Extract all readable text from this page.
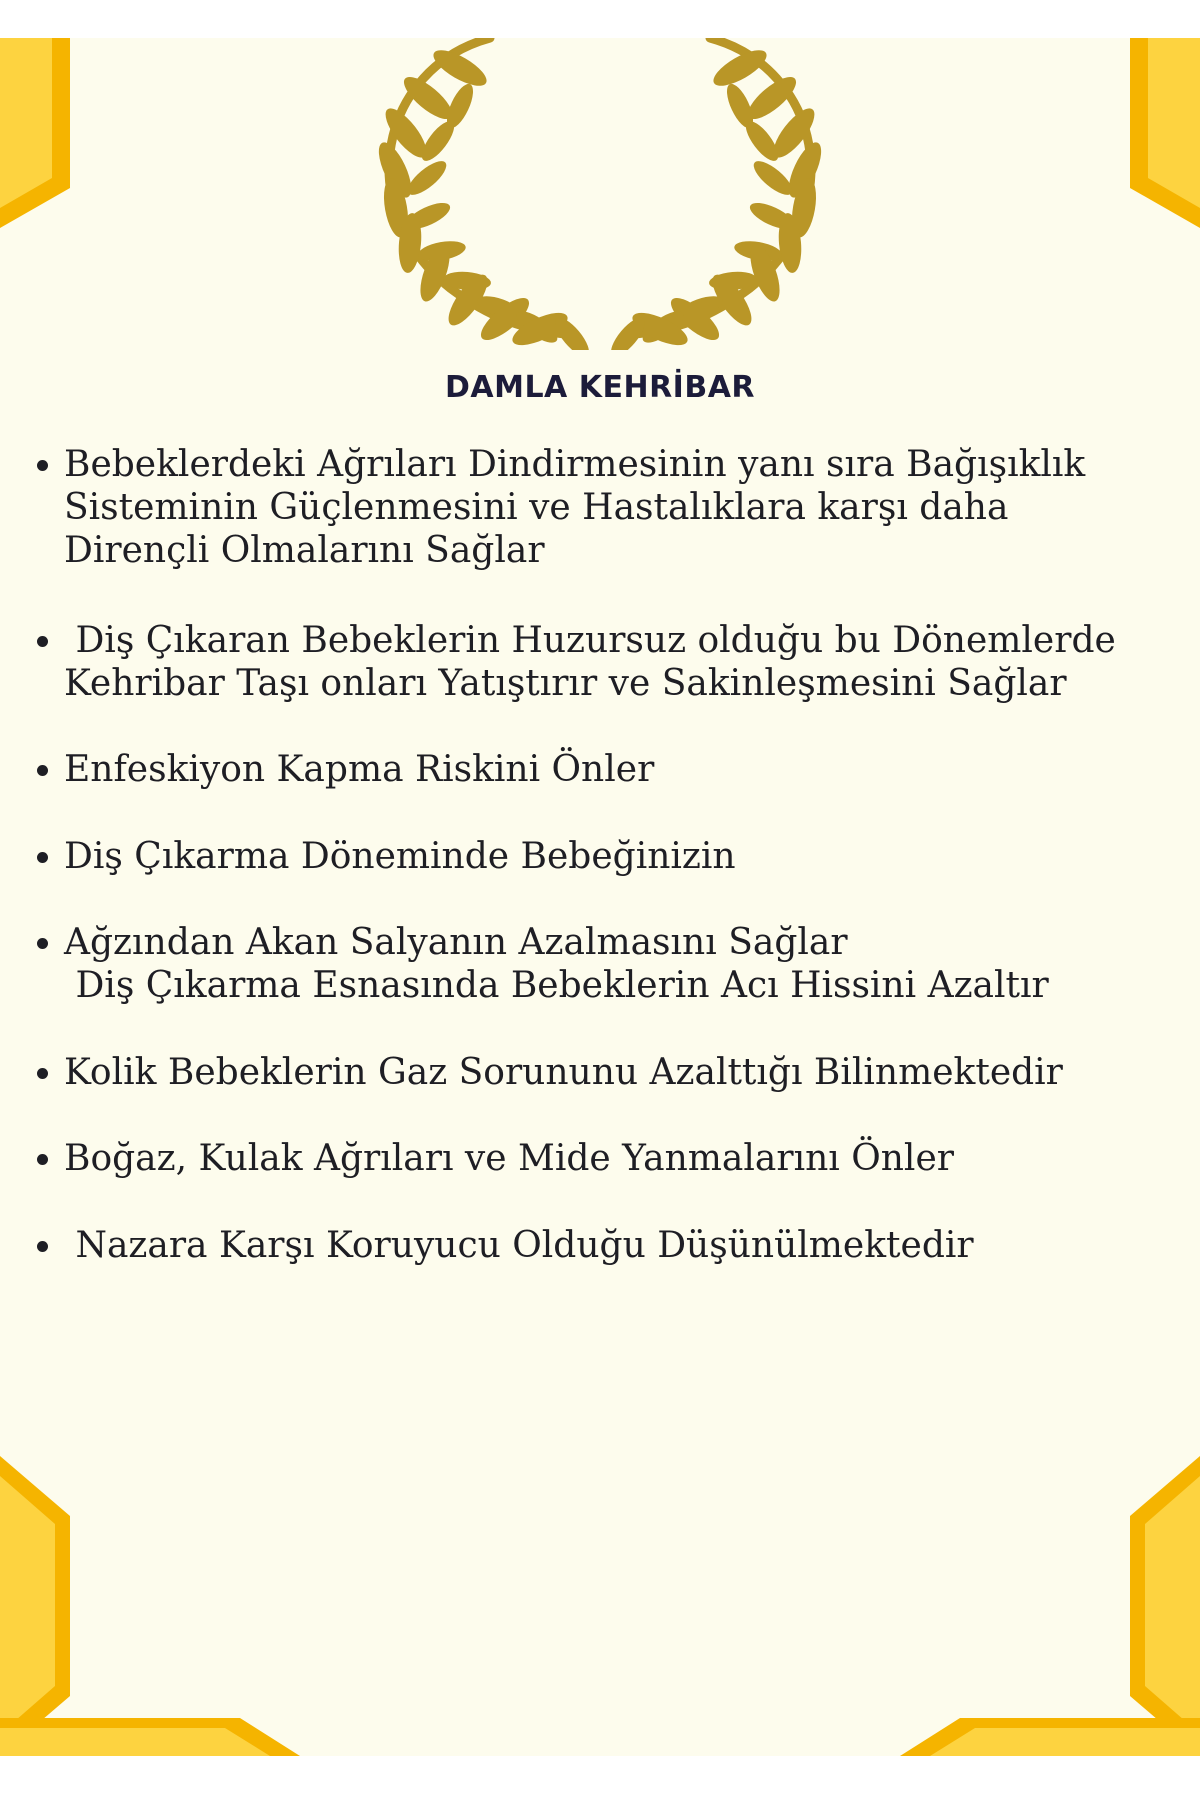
DAMLA KEHRİBAR
Bebeklerdeki Ağrıları Dindirmesinin yanı sıra Bağışıklık
Sisteminin Güçlenmesini ve Hastalıklara karşı daha
Dirençli Olmalarını Sağlar
Diş Çıkaran Bebeklerin Huzursuz olduğu bu Dönemlerde
Kehribar Taşı onları Yatıştırır ve Sakinleşmesini Sağlar
Enfeskiyon Kapma Riskini Önler
Diş Çıkarma Döneminde Bebeğinizin
Ağzından Akan Salyanın Azalmasını Sağlar
Diş Çıkarma Esnasında Bebeklerin Acı Hissini Azaltır
Kolik Bebeklerin Gaz Sorununu Azalttığı Bilinmektedir
Boğaz, Kulak Ağrıları ve Mide Yanmalarını Önler
Nazara Karşı Koruyucu Olduğu Düşünülmektedir
